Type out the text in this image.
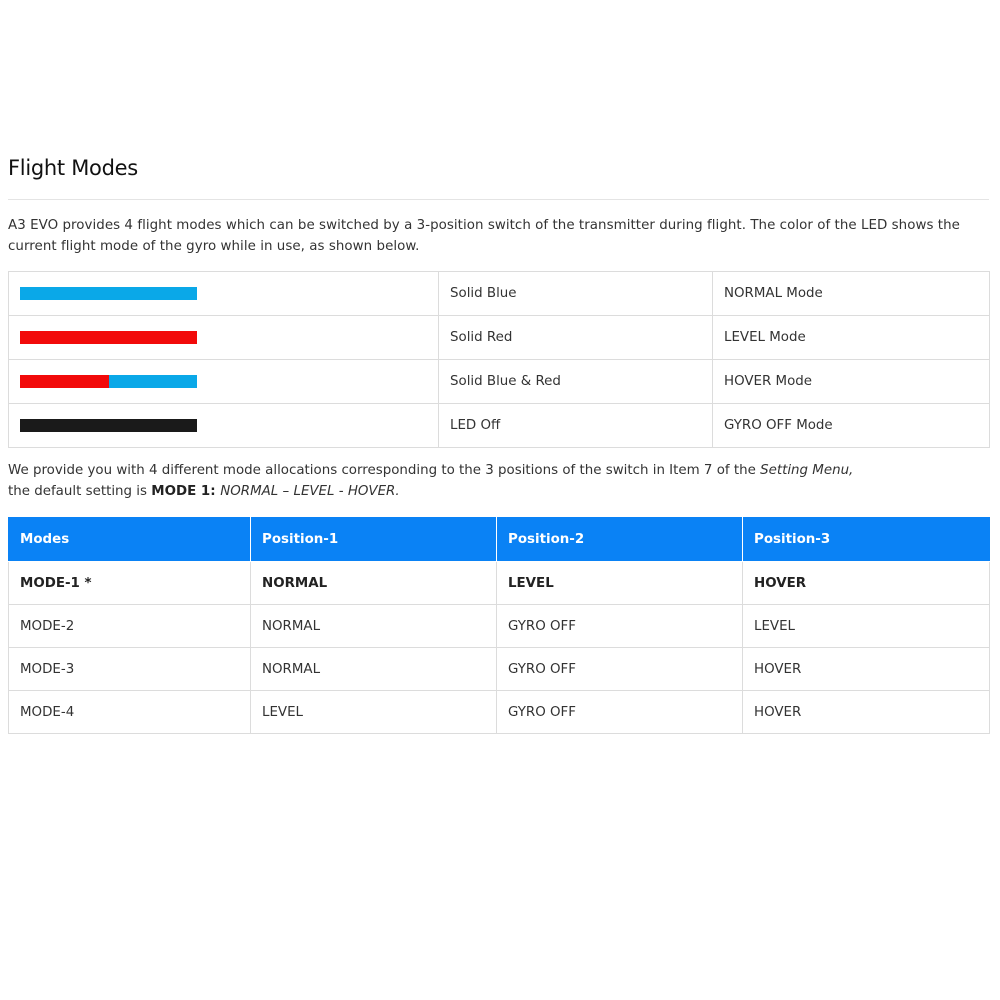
Flight Modes

A3 EVO provides 4 flight modes which can be switched by a 3-position switch of the transmitter during flight. The color of the LED shows the current flight mode of the gyro while in use, as shown below.

	Solid Blue	NORMAL Mode

	Solid Red	LEVEL Mode

	Solid Blue & Red	HOVER Mode

	LED Off	GYRO OFF Mode

We provide you with 4 different mode allocations corresponding to the 3 positions of the switch in Item 7 of the Setting Menu,
the default setting is MODE 1: NORMAL – LEVEL - HOVER.

Modes	Position-1	Position-2	Position-3
MODE-1 *	NORMAL	LEVEL	HOVER
MODE-2	NORMAL	GYRO OFF	LEVEL
MODE-3	NORMAL	GYRO OFF	HOVER
MODE-4	LEVEL	GYRO OFF	HOVER
